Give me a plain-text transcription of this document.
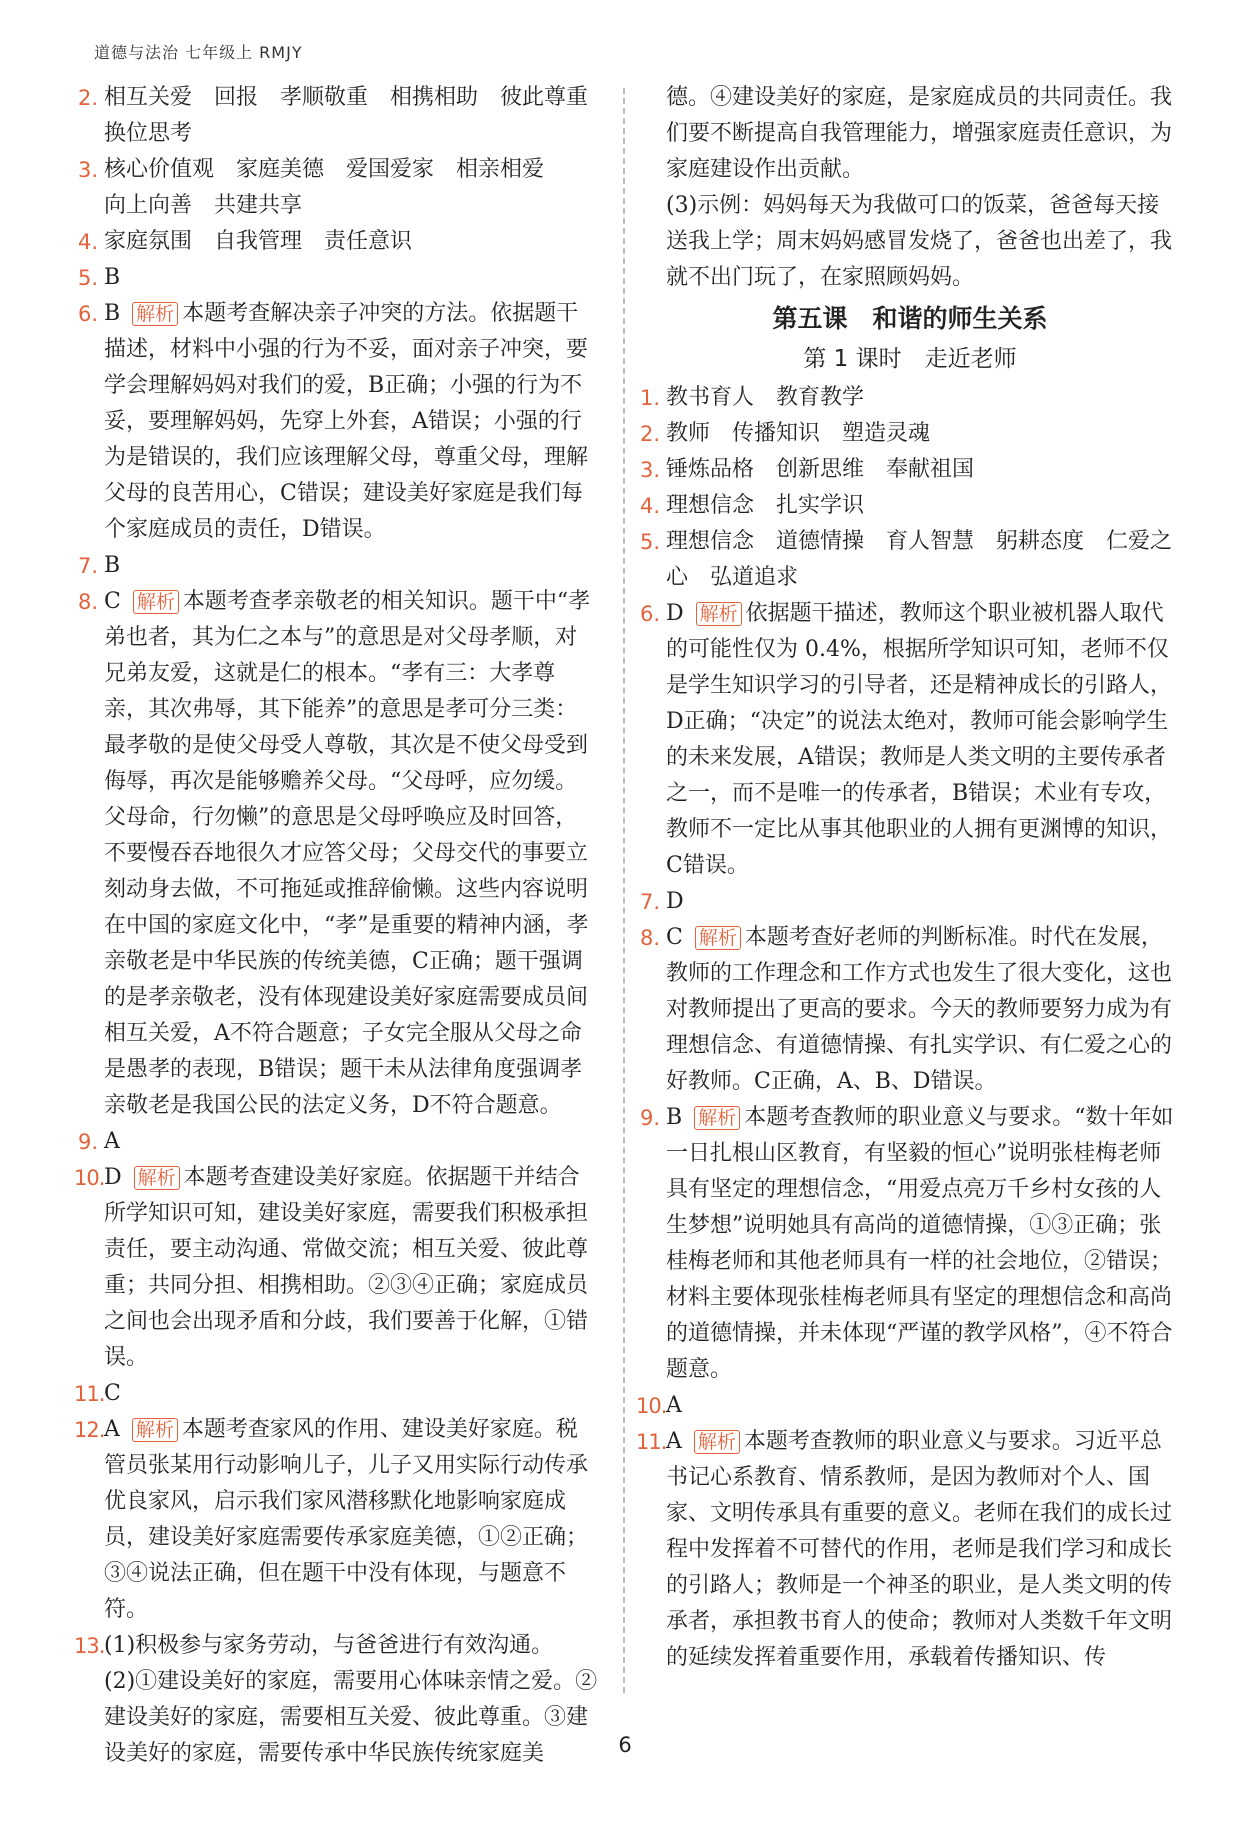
道德与法治 七年级上 RMJY
2. 相互关爱　回报　孝顺敬重　相携相助　彼此尊重
换位思考
3. 核心价值观　家庭美德　爱国爱家　相亲相爱
向上向善　共建共享
4. 家庭氛围　自我管理　责任意识
5. B
6. B 解析 本题考查解决亲子冲突的方法。依据题干描述，材料中小强的行为不妥，面对亲子冲突，要学会理解妈妈对我们的爱，B正确；小强的行为不妥，要理解妈妈，先穿上外套，A错误；小强的行为是错误的，我们应该理解父母，尊重父母，理解父母的良苦用心，C错误；建设美好家庭是我们每个家庭成员的责任，D错误。
7. B
8. C 解析 本题考查孝亲敬老的相关知识。题干中“孝弟也者，其为仁之本与”的意思是对父母孝顺，对兄弟友爱，这就是仁的根本。“孝有三：大孝尊亲，其次弗辱，其下能养”的意思是孝可分三类：最孝敬的是使父母受人尊敬，其次是不使父母受到侮辱，再次是能够赡养父母。“父母呼，应勿缓。父母命，行勿懒”的意思是父母呼唤应及时回答，不要慢吞吞地很久才应答父母；父母交代的事要立刻动身去做，不可拖延或推辞偷懒。这些内容说明在中国的家庭文化中，“孝”是重要的精神内涵，孝亲敬老是中华民族的传统美德，C正确；题干强调的是孝亲敬老，没有体现建设美好家庭需要成员间相互关爱，A不符合题意；子女完全服从父母之命是愚孝的表现，B错误；题干未从法律角度强调孝亲敬老是我国公民的法定义务，D不符合题意。
9. A
10. D 解析 本题考查建设美好家庭。依据题干并结合所学知识可知，建设美好家庭，需要我们积极承担责任，要主动沟通、常做交流；相互关爱、彼此尊重；共同分担、相携相助。②③④正确；家庭成员之间也会出现矛盾和分歧，我们要善于化解，①错误。
11. C
12. A 解析 本题考查家风的作用、建设美好家庭。税管员张某用行动影响儿子，儿子又用实际行动传承优良家风，启示我们家风潜移默化地影响家庭成员，建设美好家庭需要传承家庭美德，①②正确；③④说法正确，但在题干中没有体现，与题意不符。
13. (1)积极参与家务劳动，与爸爸进行有效沟通。
(2)①建设美好的家庭，需要用心体味亲情之爱。②建设美好的家庭，需要相互关爱、彼此尊重。③建设美好的家庭，需要传承中华民族传统家庭美
德。④建设美好的家庭，是家庭成员的共同责任。我们要不断提高自我管理能力，增强家庭责任意识，为家庭建设作出贡献。
(3)示例：妈妈每天为我做可口的饭菜，爸爸每天接送我上学；周末妈妈感冒发烧了，爸爸也出差了，我就不出门玩了，在家照顾妈妈。
第五课　和谐的师生关系
第 1 课时　走近老师
1. 教书育人　教育教学
2. 教师　传播知识　塑造灵魂
3. 锤炼品格　创新思维　奉献祖国
4. 理想信念　扎实学识
5. 理想信念　道德情操　育人智慧　躬耕态度　仁爱之心　弘道追求
6. D 解析 依据题干描述，教师这个职业被机器人取代的可能性仅为 0.4%，根据所学知识可知，老师不仅是学生知识学习的引导者，还是精神成长的引路人，D正确；“决定”的说法太绝对，教师可能会影响学生的未来发展，A错误；教师是人类文明的主要传承者之一，而不是唯一的传承者，B错误；术业有专攻，教师不一定比从事其他职业的人拥有更渊博的知识，C错误。
7. D
8. C 解析 本题考查好老师的判断标准。时代在发展，教师的工作理念和工作方式也发生了很大变化，这也对教师提出了更高的要求。今天的教师要努力成为有理想信念、有道德情操、有扎实学识、有仁爱之心的好教师。C正确，A、B、D错误。
9. B 解析 本题考查教师的职业意义与要求。“数十年如一日扎根山区教育，有坚毅的恒心”说明张桂梅老师具有坚定的理想信念，“用爱点亮万千乡村女孩的人生梦想”说明她具有高尚的道德情操，①③正确；张桂梅老师和其他老师具有一样的社会地位，②错误；材料主要体现张桂梅老师具有坚定的理想信念和高尚的道德情操，并未体现“严谨的教学风格”，④不符合题意。
10. A
11. A 解析 本题考查教师的职业意义与要求。习近平总书记心系教育、情系教师，是因为教师对个人、国家、文明传承具有重要的意义。老师在我们的成长过程中发挥着不可替代的作用，老师是我们学习和成长的引路人；教师是一个神圣的职业，是人类文明的传承者，承担教书育人的使命；教师对人类数千年文明的延续发挥着重要作用，承载着传播知识、传
6
